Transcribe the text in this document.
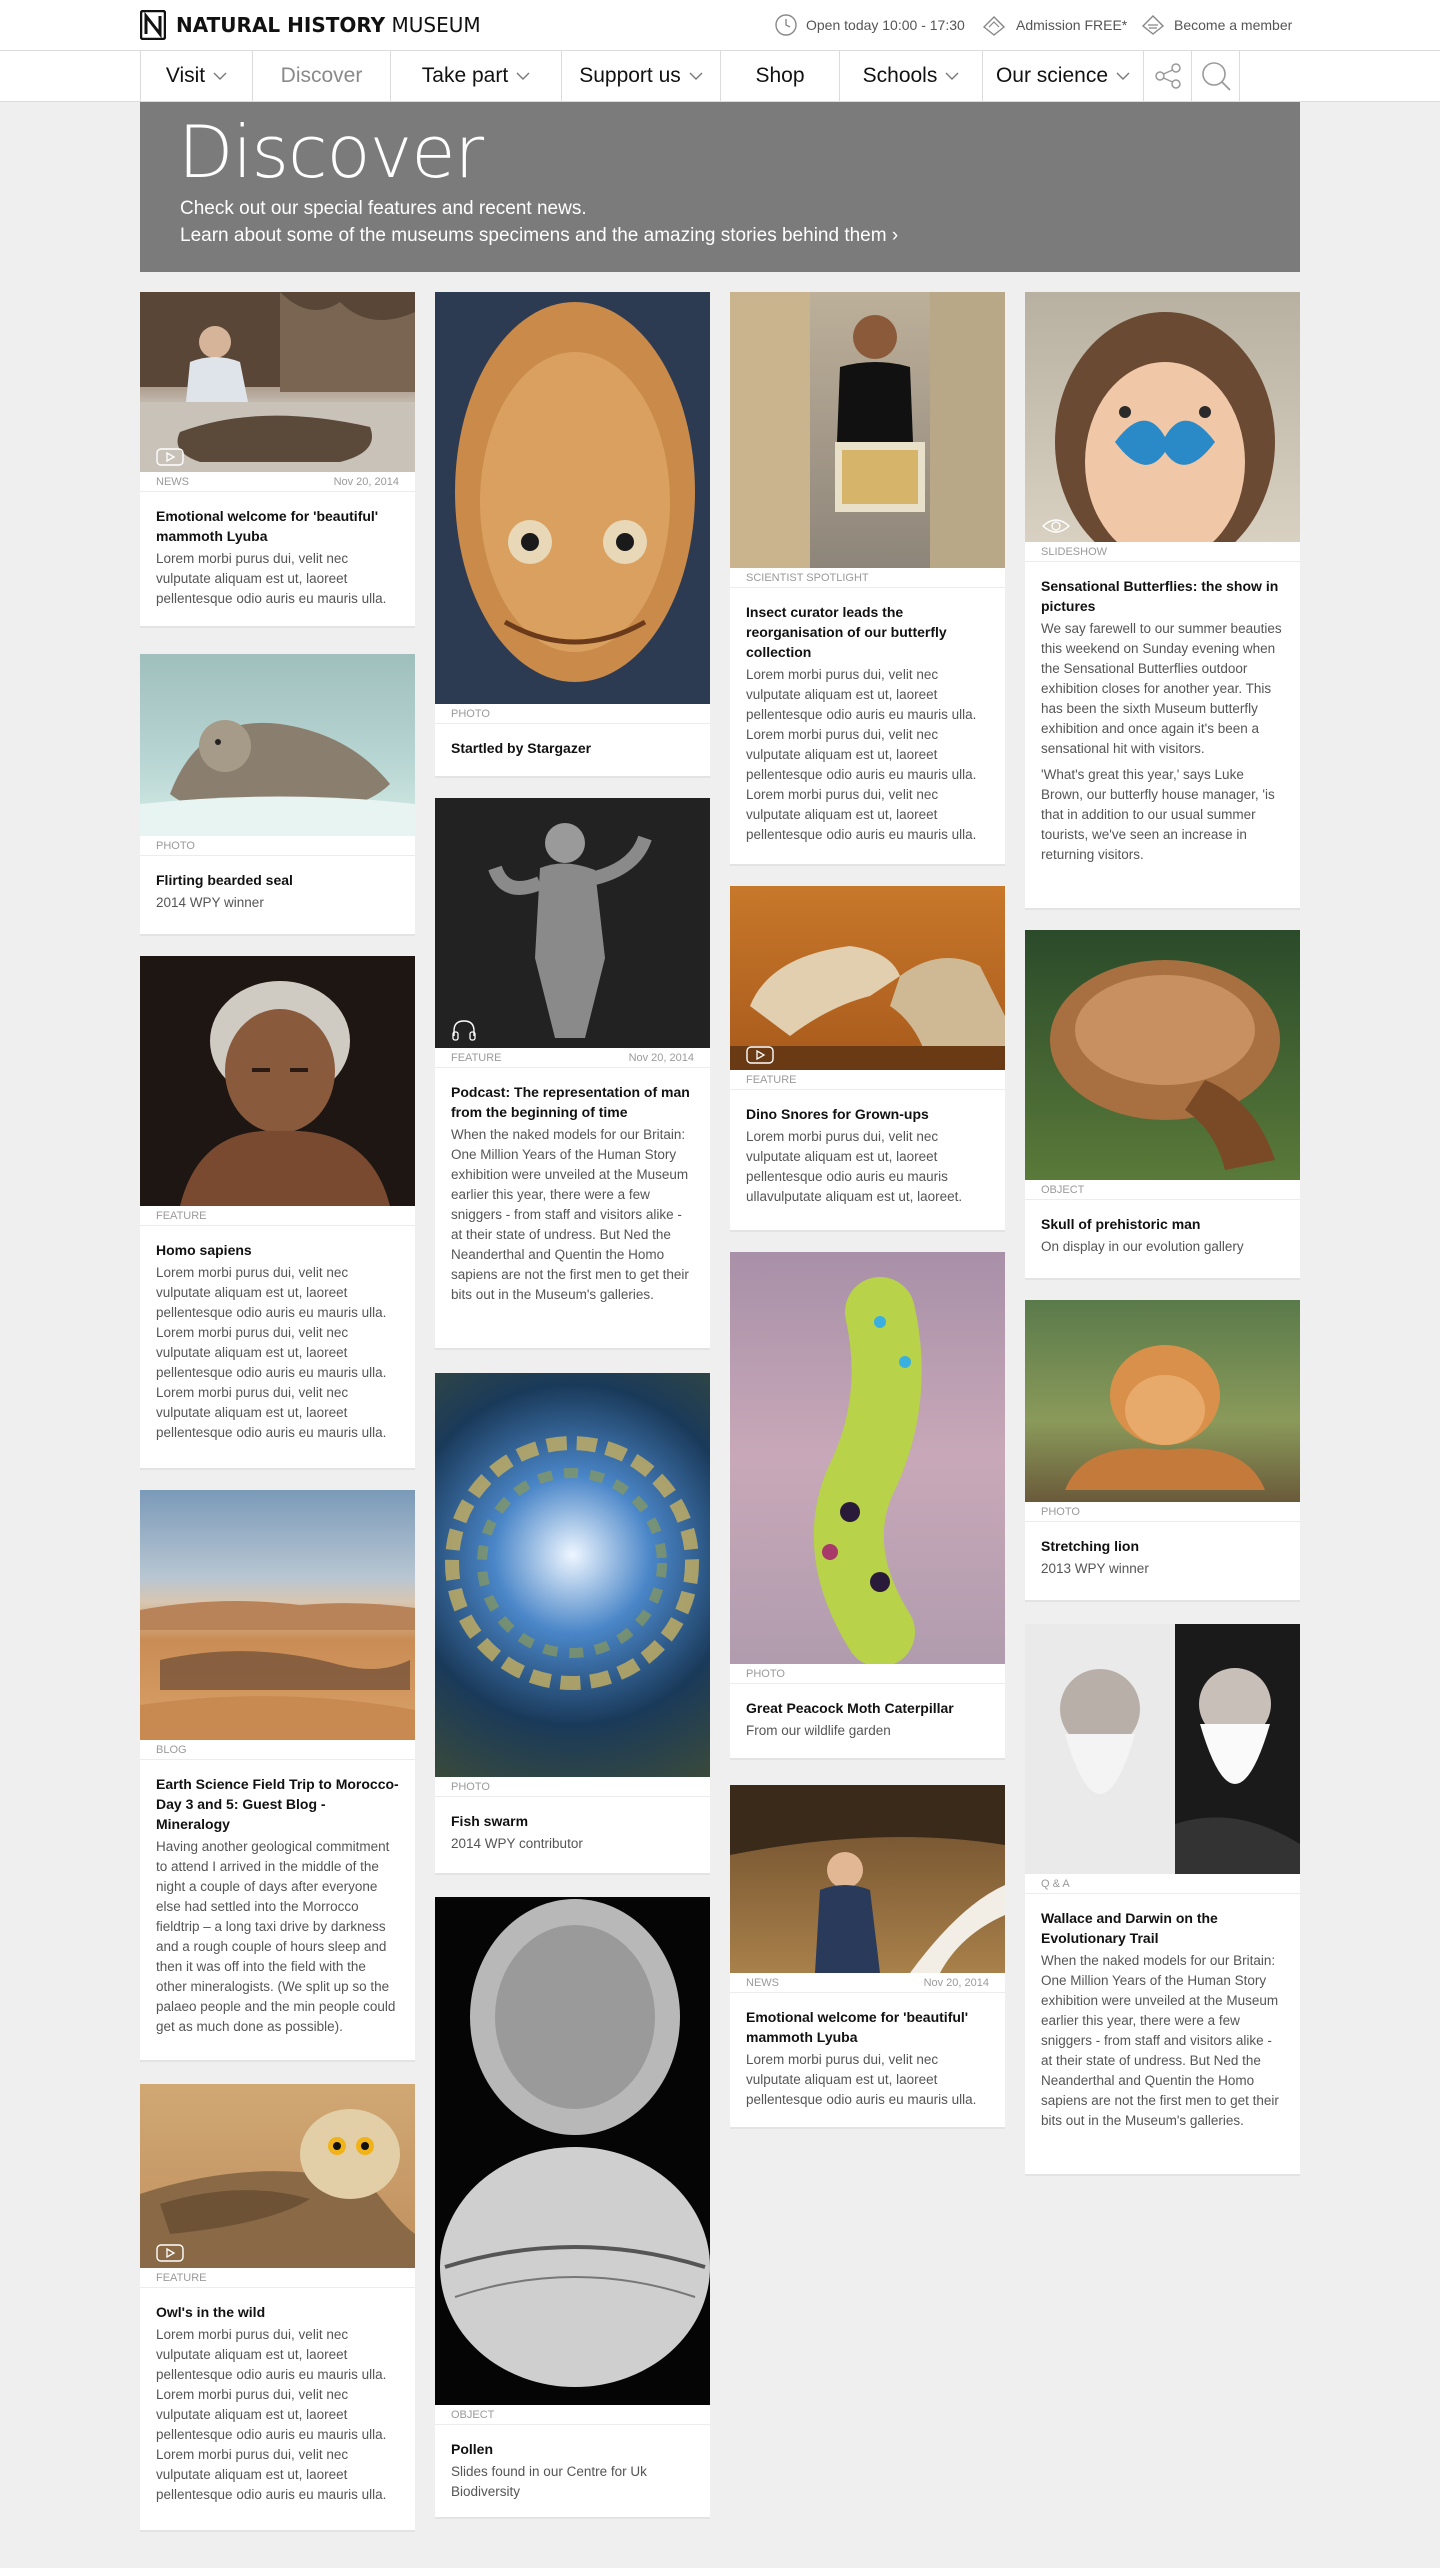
NATURAL HISTORY MUSEUM	Open today 10:00 - 17:30	Admission FREE*	Become a member
Visit	Discover	Take part	Support us	Shop	Schools	Our science
Discover

Check out our special features and recent news.

Learn about some of the museums specimens and the amazing stories behind them ›

NEWS	Nov 20, 2014
Emotional welcome for 'beautiful' mammoth Lyuba

Lorem morbi purus dui, velit nec vulputate aliquam est ut, laoreet pellentesque odio auris eu mauris ulla.

PHOTO
Flirting bearded seal

2014 WPY winner

FEATURE
Homo sapiens

Lorem morbi purus dui, velit nec vulputate aliquam est ut, laoreet pellentesque odio auris eu mauris ulla. Lorem morbi purus dui, velit nec vulputate aliquam est ut, laoreet pellentesque odio auris eu mauris ulla. Lorem morbi purus dui, velit nec vulputate aliquam est ut, laoreet pellentesque odio auris eu mauris ulla.

BLOG
Earth Science Field Trip to Morocco- Day 3 and 5: Guest Blog - Mineralogy

Having another geological commitment to attend I arrived in the middle of the night a couple of days after everyone else had settled into the Morrocco fieldtrip – a long taxi drive by darkness and a rough couple of hours sleep and then it was off into the field with the other mineralogists. (We split up so the palaeo people and the min people could get as much done as possible).

FEATURE
Owl's in the wild

Lorem morbi purus dui, velit nec vulputate aliquam est ut, laoreet pellentesque odio auris eu mauris ulla. Lorem morbi purus dui, velit nec vulputate aliquam est ut, laoreet pellentesque odio auris eu mauris ulla. Lorem morbi purus dui, velit nec vulputate aliquam est ut, laoreet pellentesque odio auris eu mauris ulla.

PHOTO
Startled by Stargazer
FEATURE	Nov 20, 2014
Podcast: The representation of man from the beginning of time

When the naked models for our Britain: One Million Years of the Human Story exhibition were unveiled at the Museum earlier this year, there were a few sniggers - from staff and visitors alike - at their state of undress. But Ned the Neanderthal and Quentin the Homo sapiens are not the first men to get their bits out in the Museum's galleries.

PHOTO
Fish swarm

2014 WPY contributor

OBJECT
Pollen

Slides found in our Centre for Uk Biodiversity

SCIENTIST SPOTLIGHT
Insect curator leads the reorganisation of our butterfly collection

Lorem morbi purus dui, velit nec vulputate aliquam est ut, laoreet pellentesque odio auris eu mauris ulla. Lorem morbi purus dui, velit nec vulputate aliquam est ut, laoreet pellentesque odio auris eu mauris ulla. Lorem morbi purus dui, velit nec vulputate aliquam est ut, laoreet pellentesque odio auris eu mauris ulla.

FEATURE
Dino Snores for Grown-ups

Lorem morbi purus dui, velit nec vulputate aliquam est ut, laoreet pellentesque odio auris eu mauris ullavulputate aliquam est ut, laoreet.

PHOTO
Great Peacock Moth Caterpillar

From our wildlife garden

NEWS	Nov 20, 2014
Emotional welcome for 'beautiful' mammoth Lyuba

Lorem morbi purus dui, velit nec vulputate aliquam est ut, laoreet pellentesque odio auris eu mauris ulla.

SLIDESHOW
Sensational Butterflies: the show in pictures

We say farewell to our summer beauties this weekend on Sunday evening when the Sensational Butterflies outdoor exhibition closes for another year. This has been the sixth Museum butterfly exhibition and once again it's been a sensational hit with visitors.

'What's great this year,' says Luke Brown, our butterfly house manager, 'is that in addition to our usual summer tourists, we've seen an increase in returning visitors.

OBJECT
Skull of prehistoric man

On display in our evolution gallery

PHOTO
Stretching lion

2013 WPY winner

Q & A
Wallace and Darwin on the Evolutionary Trail

When the naked models for our Britain: One Million Years of the Human Story exhibition were unveiled at the Museum earlier this year, there were a few sniggers - from staff and visitors alike - at their state of undress. But Ned the Neanderthal and Quentin the Homo sapiens are not the first men to get their bits out in the Museum's galleries.
